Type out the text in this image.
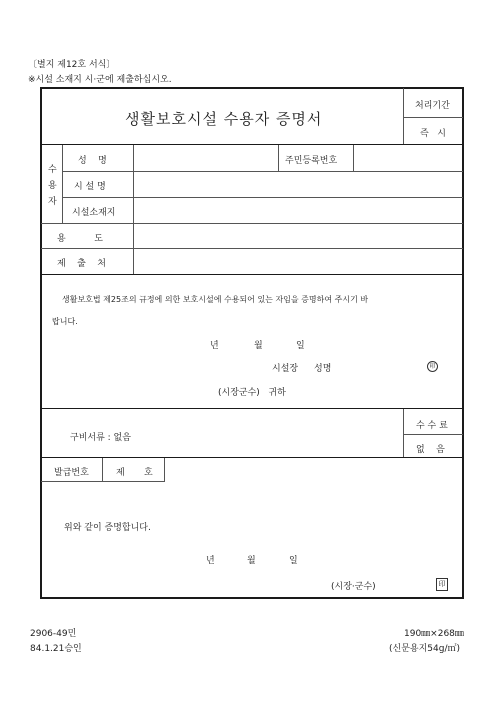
〔별지 제12호 서식〕
※시설 소재지 시·군에 제출하십시오.
생활보호시설 수용자 증명서
처리기간
즉   시
수
용
자
성    명	주민등록번호
시 설 명
시설소재지
용          도
제    출    처
생활보호법 제25조의 규정에 의한 보호시설에 수용되어 있는 자임을 증명하여 주시기 바
랍니다.
년	월	일
시설장 성명	印
(시장군수)   귀하
구비서류 : 없음
수 수 료
없    음
발급번호	제 호
위와 같이 증명합니다.
년	월	일
(시장·군수)	印
2906-49민
84.1.21승인
190㎜×268㎜
(신문용지54g/㎡)
